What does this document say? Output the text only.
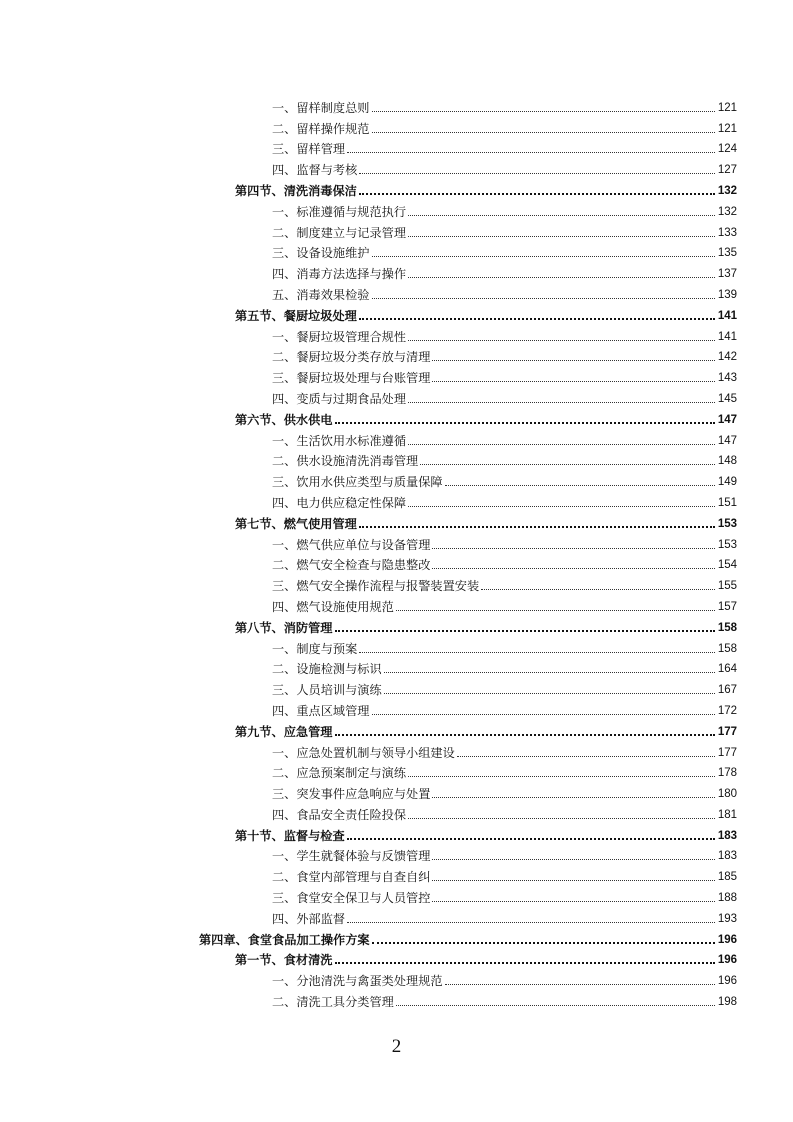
一、留样制度总则	121
二、留样操作规范	121
三、留样管理	124
四、监督与考核	127
第四节、清洗消毒保洁	132
一、标准遵循与规范执行	132
二、制度建立与记录管理	133
三、设备设施维护	135
四、消毒方法选择与操作	137
五、消毒效果检验	139
第五节、餐厨垃圾处理	141
一、餐厨垃圾管理合规性	141
二、餐厨垃圾分类存放与清理	142
三、餐厨垃圾处理与台账管理	143
四、变质与过期食品处理	145
第六节、供水供电	147
一、生活饮用水标准遵循	147
二、供水设施清洗消毒管理	148
三、饮用水供应类型与质量保障	149
四、电力供应稳定性保障	151
第七节、燃气使用管理	153
一、燃气供应单位与设备管理	153
二、燃气安全检查与隐患整改	154
三、燃气安全操作流程与报警装置安装	155
四、燃气设施使用规范	157
第八节、消防管理	158
一、制度与预案	158
二、设施检测与标识	164
三、人员培训与演练	167
四、重点区域管理	172
第九节、应急管理	177
一、应急处置机制与领导小组建设	177
二、应急预案制定与演练	178
三、突发事件应急响应与处置	180
四、食品安全责任险投保	181
第十节、监督与检查	183
一、学生就餐体验与反馈管理	183
二、食堂内部管理与自查自纠	185
三、食堂安全保卫与人员管控	188
四、外部监督	193
第四章、食堂食品加工操作方案	196
第一节、食材清洗	196
一、分池清洗与禽蛋类处理规范	196
二、清洗工具分类管理	198
2
